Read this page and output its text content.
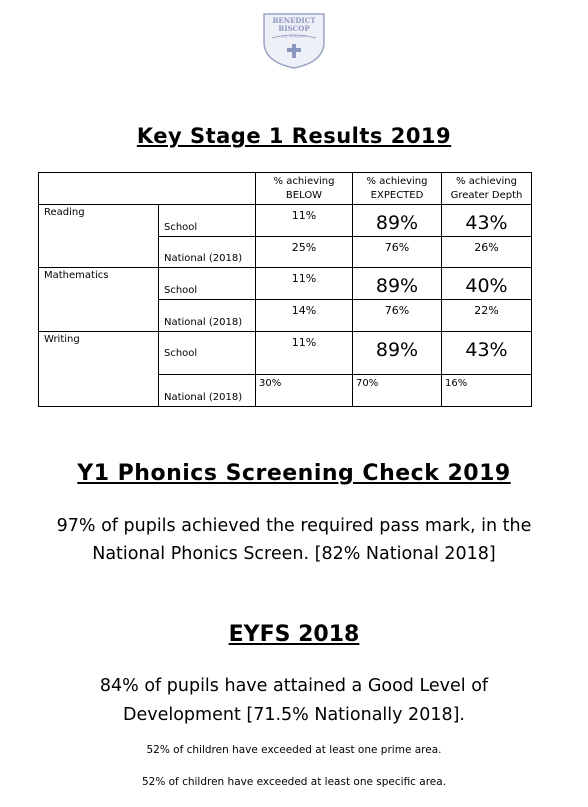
BENEDICT
BISCOP
C.E. ACADEMY
Key Stage 1 Results 2019
		% achieving BELOW	% achieving EXPECTED	% achieving Greater Depth
Reading	School	11%	89%	43%
	National (2018)	25%	76%	26%
Mathematics	School	11%	89%	40%
	National (2018)	14%	76%	22%
Writing	School	11%	89%	43%
	National (2018)	30%	70%	16%
Y1 Phonics Screening Check 2019
97% of pupils achieved the required pass mark, in the
National Phonics Screen. [82% National 2018]
EYFS 2018
84% of pupils have attained a Good Level of
Development [71.5% Nationally 2018].
52% of children have exceeded at least one prime area.
52% of children have exceeded at least one specific area.
